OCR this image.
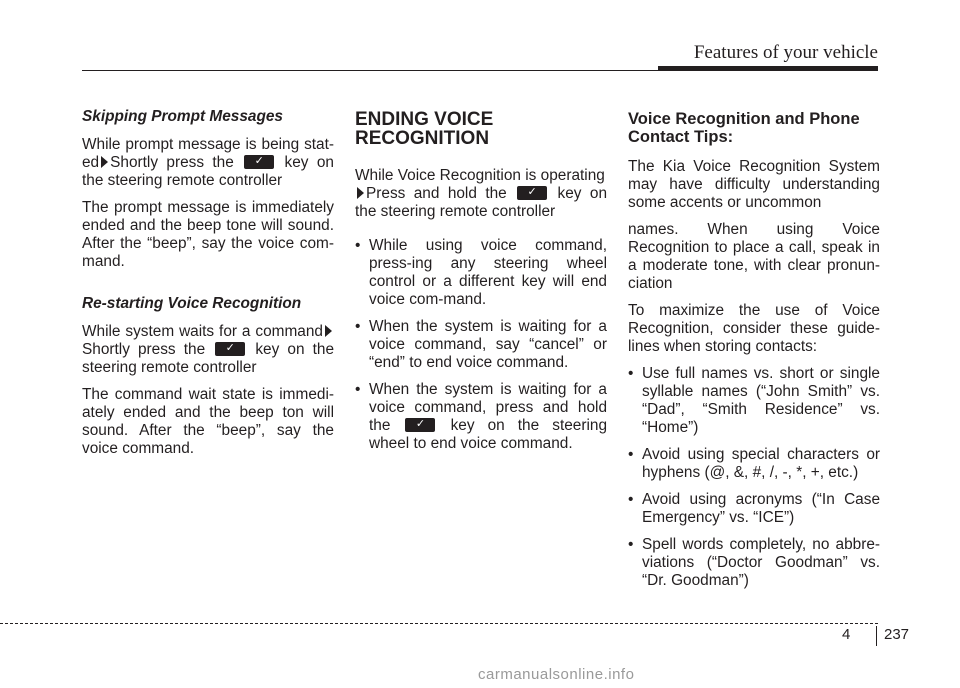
Features of your vehicle
Skipping Prompt Messages

While prompt message is being stat-ed Shortly press the ✓	key on the steering remote controller

The prompt message is immediately ended and the beep tone will sound. After the “beep”, say the voice com-mand.

Re-starting Voice Recognition

While system waits for a command Shortly press the ✓	key on the steering remote controller

The command wait state is immedi-ately ended and the beep ton will sound. After the “beep”, say the voice command.

ENDING VOICE
RECOGNITION

While Voice Recognition is operating
Press and hold the ✓	key on the steering remote controller

• While using voice command, press-ing any steering wheel control or a different key will end voice com-mand.
• When the system is waiting for a voice command, say “cancel” or “end” to end voice command.
• When the system is waiting for a voice command, press and hold the ✓	key on the steering wheel to end voice command.
Voice Recognition and Phone
Contact Tips:

The Kia Voice Recognition System may have difficulty understanding some accents or uncommon

names. When using Voice Recognition to place a call, speak in a moderate tone, with clear pronun-ciation

To maximize the use of Voice Recognition, consider these guide-lines when storing contacts:

• Use full names vs. short or single syllable names (“John Smith” vs. “Dad”, “Smith Residence” vs. “Home”)
• Avoid using special characters or hyphens (@, &, #, /, -, *, +, etc.)
• Avoid using acronyms (“In Case Emergency” vs. “ICE”)
• Spell words completely, no abbre-viations (“Doctor Goodman” vs. “Dr. Goodman”)
4 237
carmanualsonline.info
